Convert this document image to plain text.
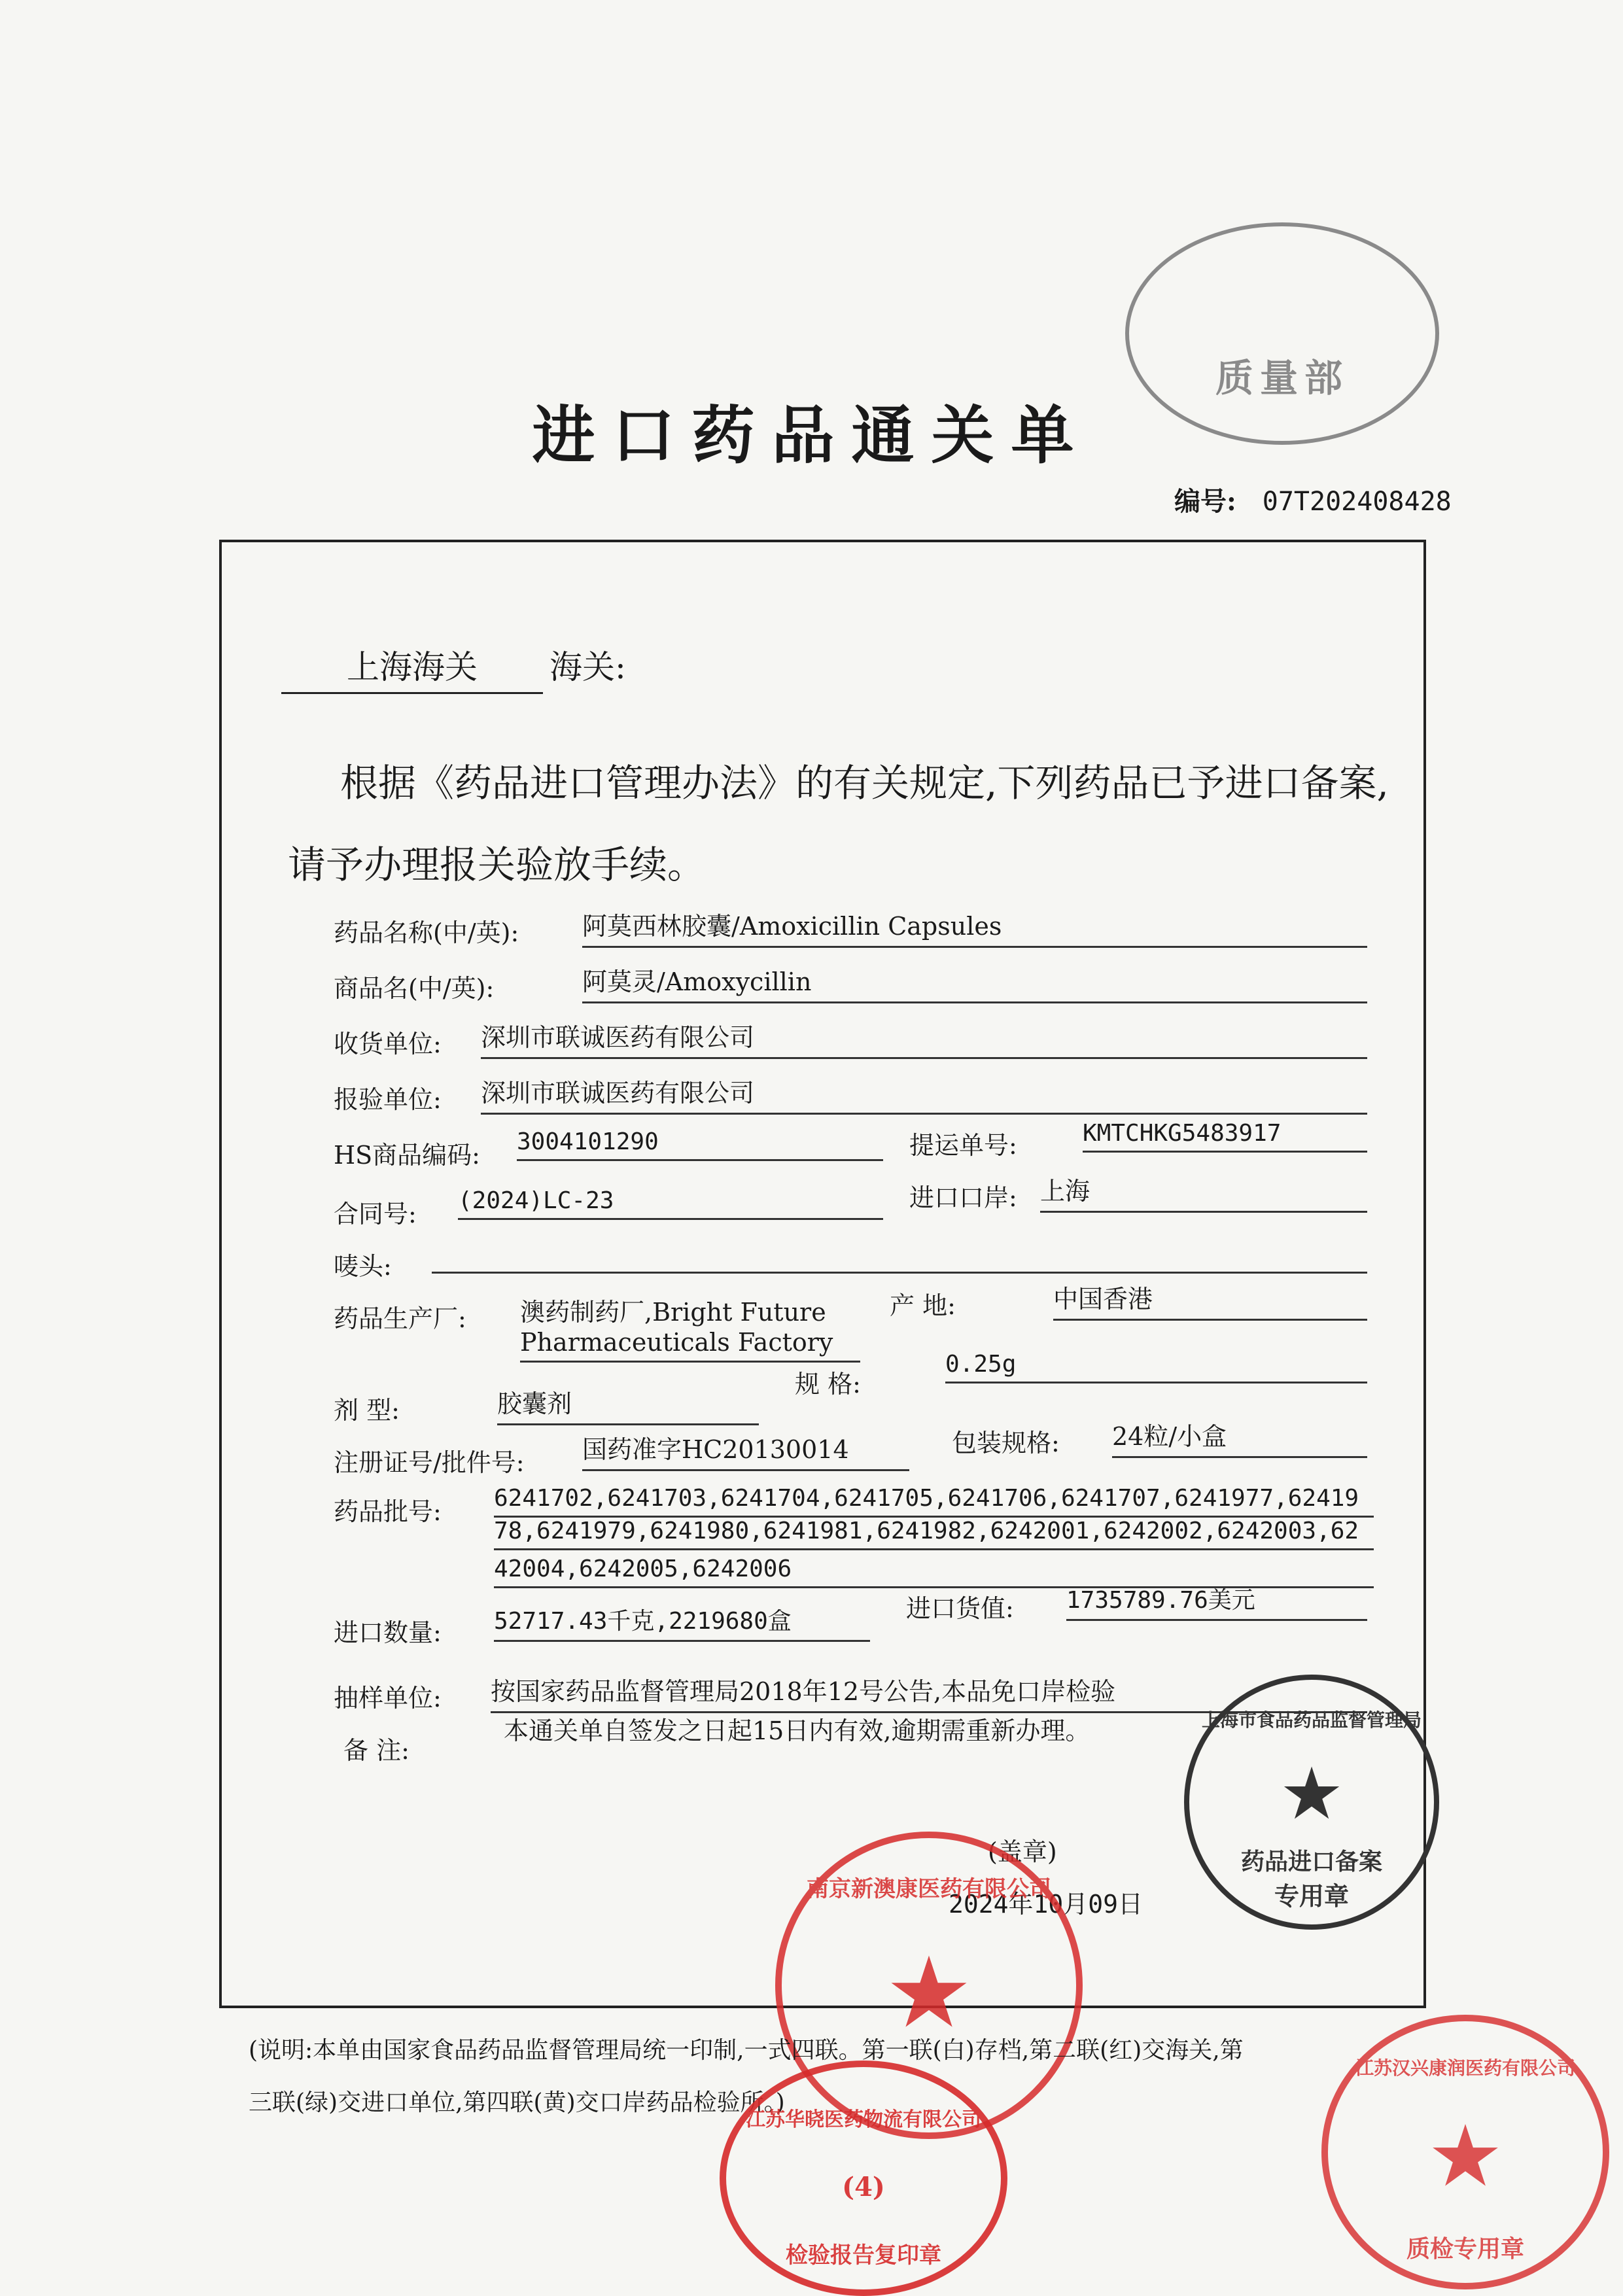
质量部
进口药品通关单
编号: 07T202408428
上海海关 海关:
根据《药品进口管理办法》的有关规定,下列药品已予进口备案,请予办理报关验放手续。
药品名称(中/英):	阿莫西林胶囊/Amoxicillin Capsules
商品名(中/英):	阿莫灵/Amoxycillin
收货单位: 深圳市联诚医药有限公司
报验单位: 深圳市联诚医药有限公司
HS商品编码: 3004101290	提运单号:	KMTCHKG5483917
合同号: (2024)LC-23	进口口岸: 上海
唛头:
药品生产厂: 澳药制药厂,Bright Future
Pharmaceuticals Factory
产 地:	中国香港
规 格:
0.25g
剂 型:	胶囊剂
注册证号/批件号: 国药准字HC20130014	包装规格: 24粒/小盒
药品批号: 6241702,6241703,6241704,6241705,6241706,6241707,6241977,62419
78,6241979,6241980,6241981,6241982,6242001,6242002,6242003,62
42004,6242005,6242006
进口数量: 52717.43千克,2219680盒	进口货值: 1735789.76美元
抽样单位: 按国家药品监督管理局2018年12号公告,本品免口岸检验
备 注:
本通关单自签发之日起15日内有效,逾期需重新办理。
(盖章)
2024年10月09日
上海市食品药品监督管理局
★
药品进口备案
专用章
南京新澳康医药有限公司
★
(说明:本单由国家食品药品监督管理局统一印制,一式四联。第一联(白)存档,第二联(红)交海关,第
三联(绿)交进口单位,第四联(黄)交口岸药品检验所。)
江苏华晓医药物流有限公司
(4)
检验报告复印章
江苏汉兴康润医药有限公司
★
质检专用章
